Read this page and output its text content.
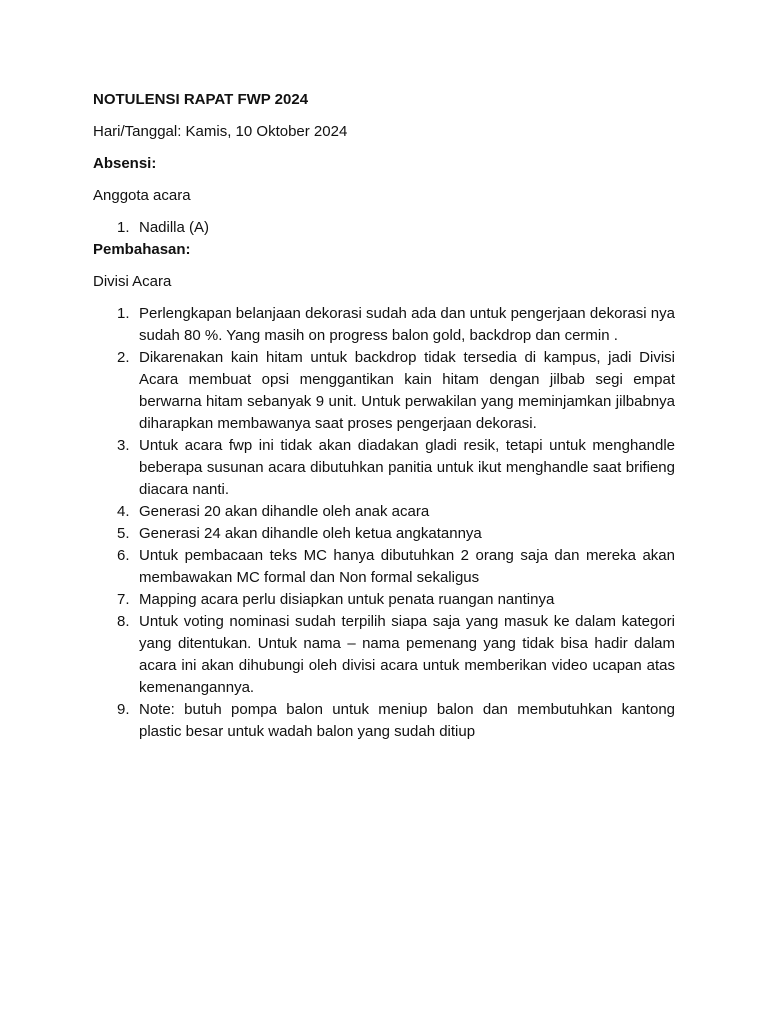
NOTULENSI RAPAT FWP 2024

Hari/Tanggal: Kamis, 10 Oktober 2024

Absensi:

Anggota acara

1. Nadilla (A)

Pembahasan:

Divisi Acara

1. Perlengkapan belanjaan dekorasi sudah ada dan untuk pengerjaan dekorasi nya sudah 80 %. Yang masih on progress balon gold, backdrop dan cermin .
2. Dikarenakan kain hitam untuk backdrop tidak tersedia di kampus, jadi Divisi Acara membuat opsi menggantikan kain hitam dengan jilbab segi empat berwarna hitam sebanyak 9 unit. Untuk perwakilan yang meminjamkan jilbabnya diharapkan membawanya saat proses pengerjaan dekorasi.
3. Untuk acara fwp ini tidak akan diadakan gladi resik, tetapi untuk menghandle beberapa susunan acara dibutuhkan panitia untuk ikut menghandle saat brifieng diacara nanti.
4. Generasi 20 akan dihandle oleh anak acara
5. Generasi 24 akan dihandle oleh ketua angkatannya
6. Untuk pembacaan teks MC hanya dibutuhkan 2 orang saja dan mereka akan membawakan MC formal dan Non formal sekaligus
7. Mapping acara perlu disiapkan untuk penata ruangan nantinya
8. Untuk voting nominasi sudah terpilih siapa saja yang masuk ke dalam kategori yang ditentukan. Untuk nama – nama pemenang yang tidak bisa hadir dalam acara ini akan dihubungi oleh divisi acara untuk memberikan video ucapan atas kemenangannya.
9. Note: butuh pompa balon untuk meniup balon dan membutuhkan kantong plastic besar untuk wadah balon yang sudah ditiup
